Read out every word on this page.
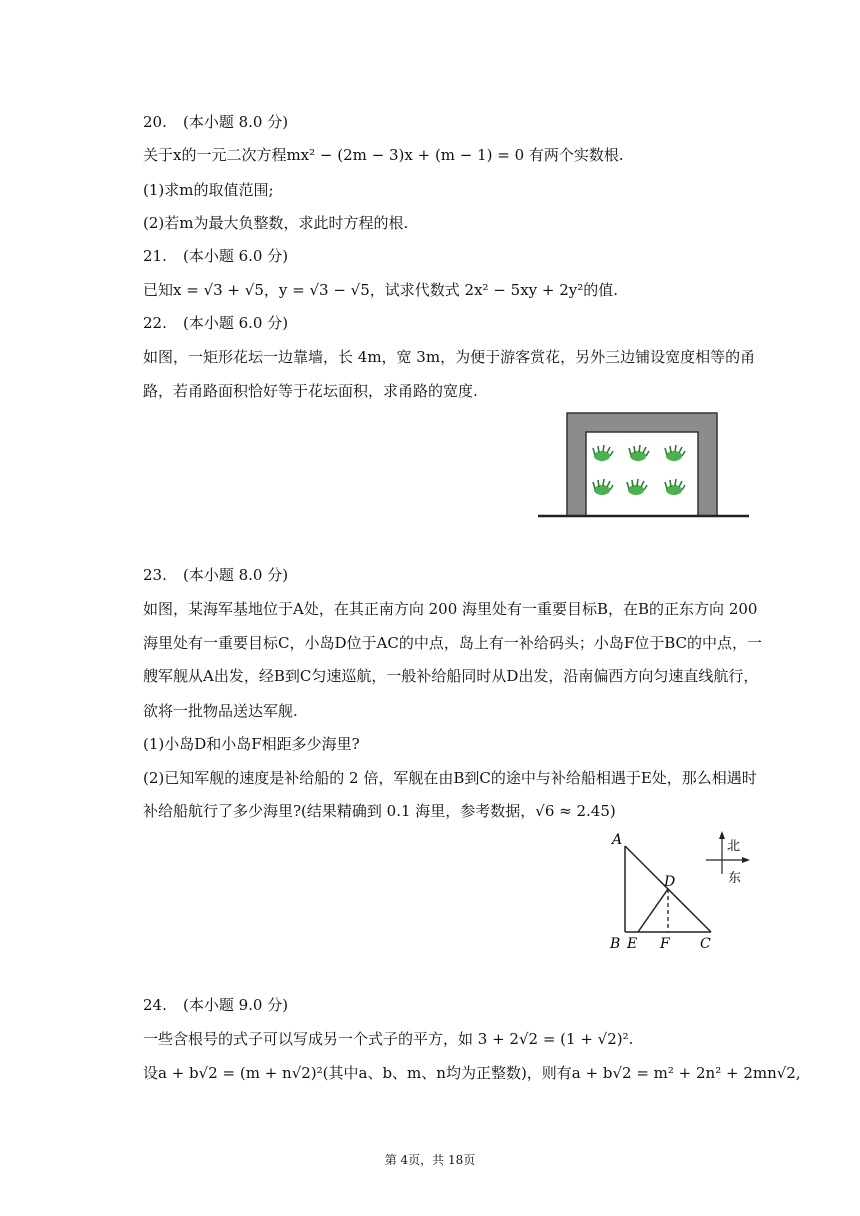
20. (本小题 8.0 分)
关于x的一元二次方程mx² − (2m − 3)x + (m − 1) = 0 有两个实数根.
(1)求m的取值范围;
(2)若m为最大负整数，求此时方程的根.
21. (本小题 6.0 分)
已知x = √3 + √5，y = √3 − √5，试求代数式 2x² − 5xy + 2y²的值.
22. (本小题 6.0 分)
如图，一矩形花坛一边靠墙，长 4m，宽 3m，为便于游客赏花，另外三边铺设宽度相等的甬
路，若甬路面积恰好等于花坛面积，求甬路的宽度.
23. (本小题 8.0 分)
如图，某海军基地位于A处，在其正南方向 200 海里处有一重要目标B，在B的正东方向 200
海里处有一重要目标C，小岛D位于AC的中点，岛上有一补给码头；小岛F位于BC的中点，一
艘军舰从A出发，经B到C匀速巡航，一般补给船同时从D出发，沿南偏西方向匀速直线航行，
欲将一批物品送达军舰.
(1)小岛D和小岛F相距多少海里?
(2)已知军舰的速度是补给船的 2 倍，军舰在由B到C的途中与补给船相遇于E处，那么相遇时
补给船航行了多少海里?(结果精确到 0.1 海里，参考数据，√6 ≈ 2.45)
A
D
B E F C
北
东
24. (本小题 9.0 分)
一些含根号的式子可以写成另一个式子的平方，如 3 + 2√2 = (1 + √2)².
设a + b√2 = (m + n√2)²(其中a、b、m、n均为正整数)，则有a + b√2 = m² + 2n² + 2mn√2,
第 4页，共 18页
